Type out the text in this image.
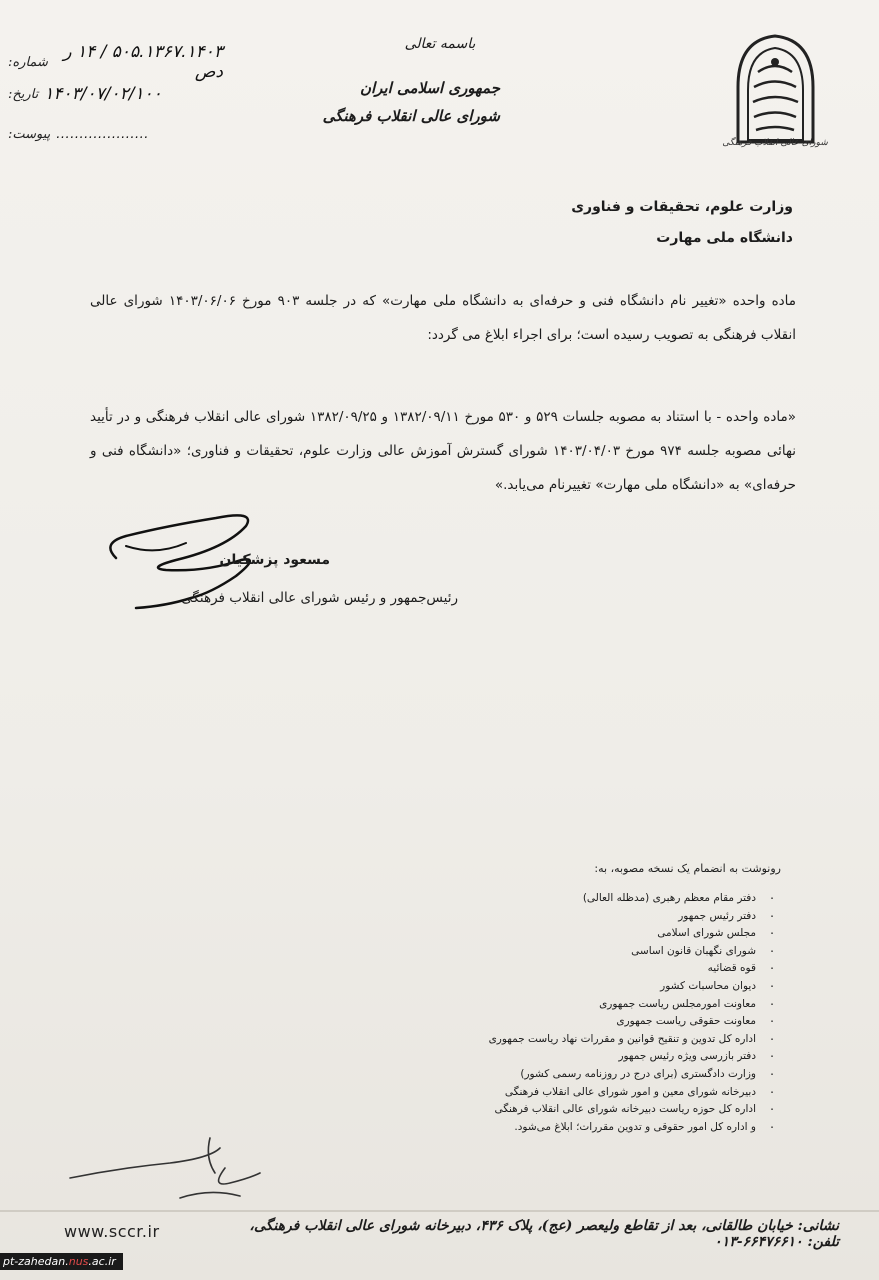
شماره: ۵۰۵.۱۳۶۷.۱۴۰۳ / ۱۴ ر دص
تاریخ: ۱۴۰۳/۰۷/۰۲/۱۰۰
پیوست: ....................
باسمه تعالی
جمهوری اسلامی ایران
شورای عالی انقلاب فرهنگی
شورای عالی انقلاب فرهنگی
وزارت علوم، تحقیقات و فناوری
دانشگاه ملی مهارت
ماده واحده «تغییر نام دانشگاه فنی و حرفه‌ای به دانشگاه ملی مهارت» که در جلسه ۹۰۳ مورخ ۱۴۰۳/۰۶/۰۶ شورای عالی انقلاب فرهنگی به تصویب رسیده است؛ برای اجراء ابلاغ می گردد:
«ماده واحده - با استناد به مصوبه جلسات ۵۲۹ و ۵۳۰ مورخ ۱۳۸۲/۰۹/۱۱ و ۱۳۸۲/۰۹/۲۵ شورای عالی انقلاب فرهنگی و در تأیید نهائی مصوبه جلسه ۹۷۴ مورخ ۱۴۰۳/۰۴/۰۳ شورای گسترش آموزش عالی وزارت علوم، تحقیقات و فناوری؛ «دانشگاه فنی و حرفه‌ای» به «دانشگاه ملی مهارت» تغییرنام می‌یابد.»
مسعود پزشکیان
رئیس‌جمهور و رئیس شورای عالی انقلاب فرهنگی
رونوشت به انضمام یک نسخه مصوبه، به:
. دفتر مقام معظم رهبری (مدظله العالی)
. دفتر رئیس جمهور
. مجلس شورای اسلامی
. شورای نگهبان قانون اساسی
. قوه قضائیه
. دیوان محاسبات کشور
. معاونت امورمجلس ریاست جمهوری
. معاونت حقوقی ریاست جمهوری
. اداره کل تدوین و تنقیح قوانین و مقررات نهاد ریاست جمهوری
. دفتر بازرسی ویژه رئیس جمهور
. وزارت دادگستری (برای درج در روزنامه رسمی کشور)
. دبیرخانه شورای معین و امور شورای عالی انقلاب فرهنگی
. اداره کل حوزه ریاست دبیرخانه شورای عالی انقلاب فرهنگی
. و اداره کل امور حقوقی و تدوین مقررات؛ ابلاغ می‌شود.
www.sccr.ir	نشانی: خیابان طالقانی، بعد از تقاطع ولیعصر (عج)، پلاک ۴۳۶، دبیرخانه شورای عالی انقلاب فرهنگی، تلفن: ۶۶۴۷۶۶۱۰-۰۱۳
pt-zahedan.nus.ac.ir
